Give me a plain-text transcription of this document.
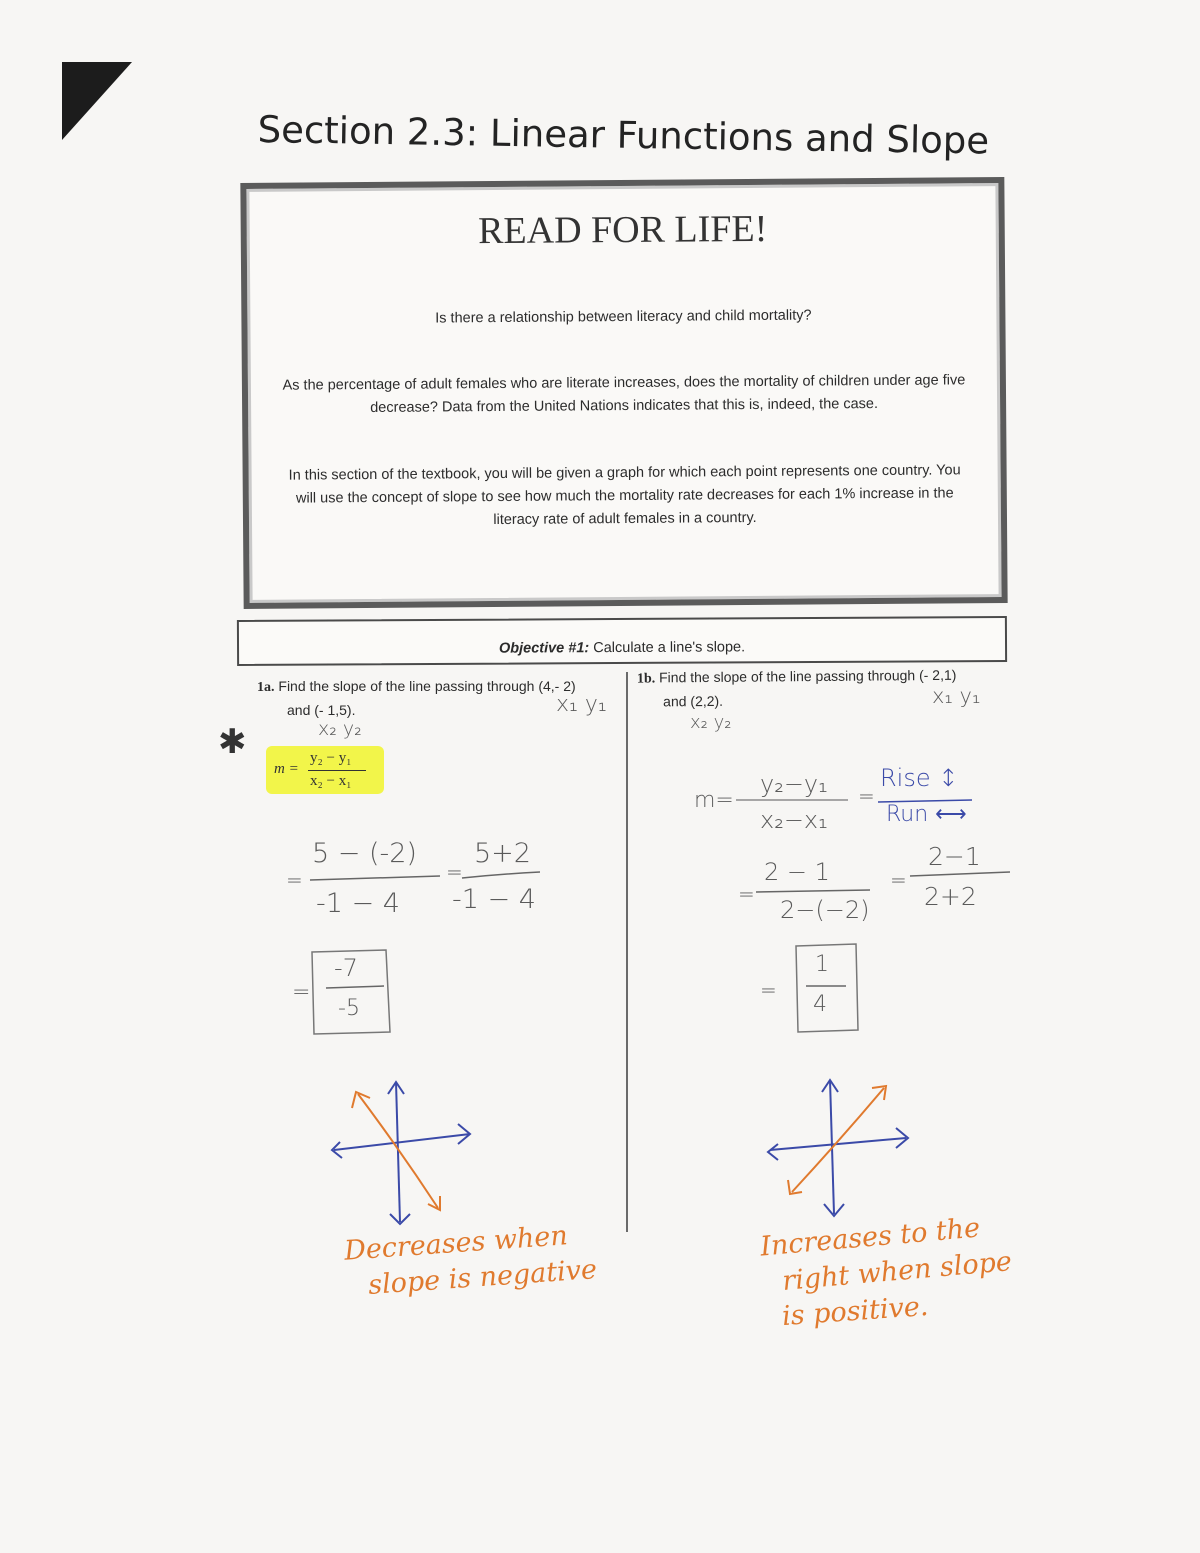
Section 2.3: Linear Functions and Slope
READ FOR LIFE!

Is there a relationship between literacy and child mortality?

As the percentage of adult females who are literate increases, does the mortality of children under age five decrease? Data from the United Nations indicates that this is, indeed, the case.

In this section of the textbook, you will be given a graph for which each point represents one country. You will use the concept of slope to see how much the mortality rate decreases for each 1% increase in the literacy rate of adult females in a country.

Objective #1: Calculate a line's slope.
1a. Find the slope of the line passing through (4,- 2)
and (- 1,5).	x₁ y₁
x₂ y₂
✱
m =
y₂ − y₁
x₂ − x₁
=
5 − (-2)
-1 − 4
=
5+2
-1 − 4
=
-7
-5
Decreases when
slope is negative
1b. Find the slope of the line passing through (- 2,1)
and (2,2).	x₁ y₁
x₂ y₂
m=
y₂−y₁
x₂−x₁
=
Rise ↕
Run ⟷
=
2 − 1
2−(−2)
=
2−1
2+2
=
1
4
Increases to the
right when slope
is positive.
